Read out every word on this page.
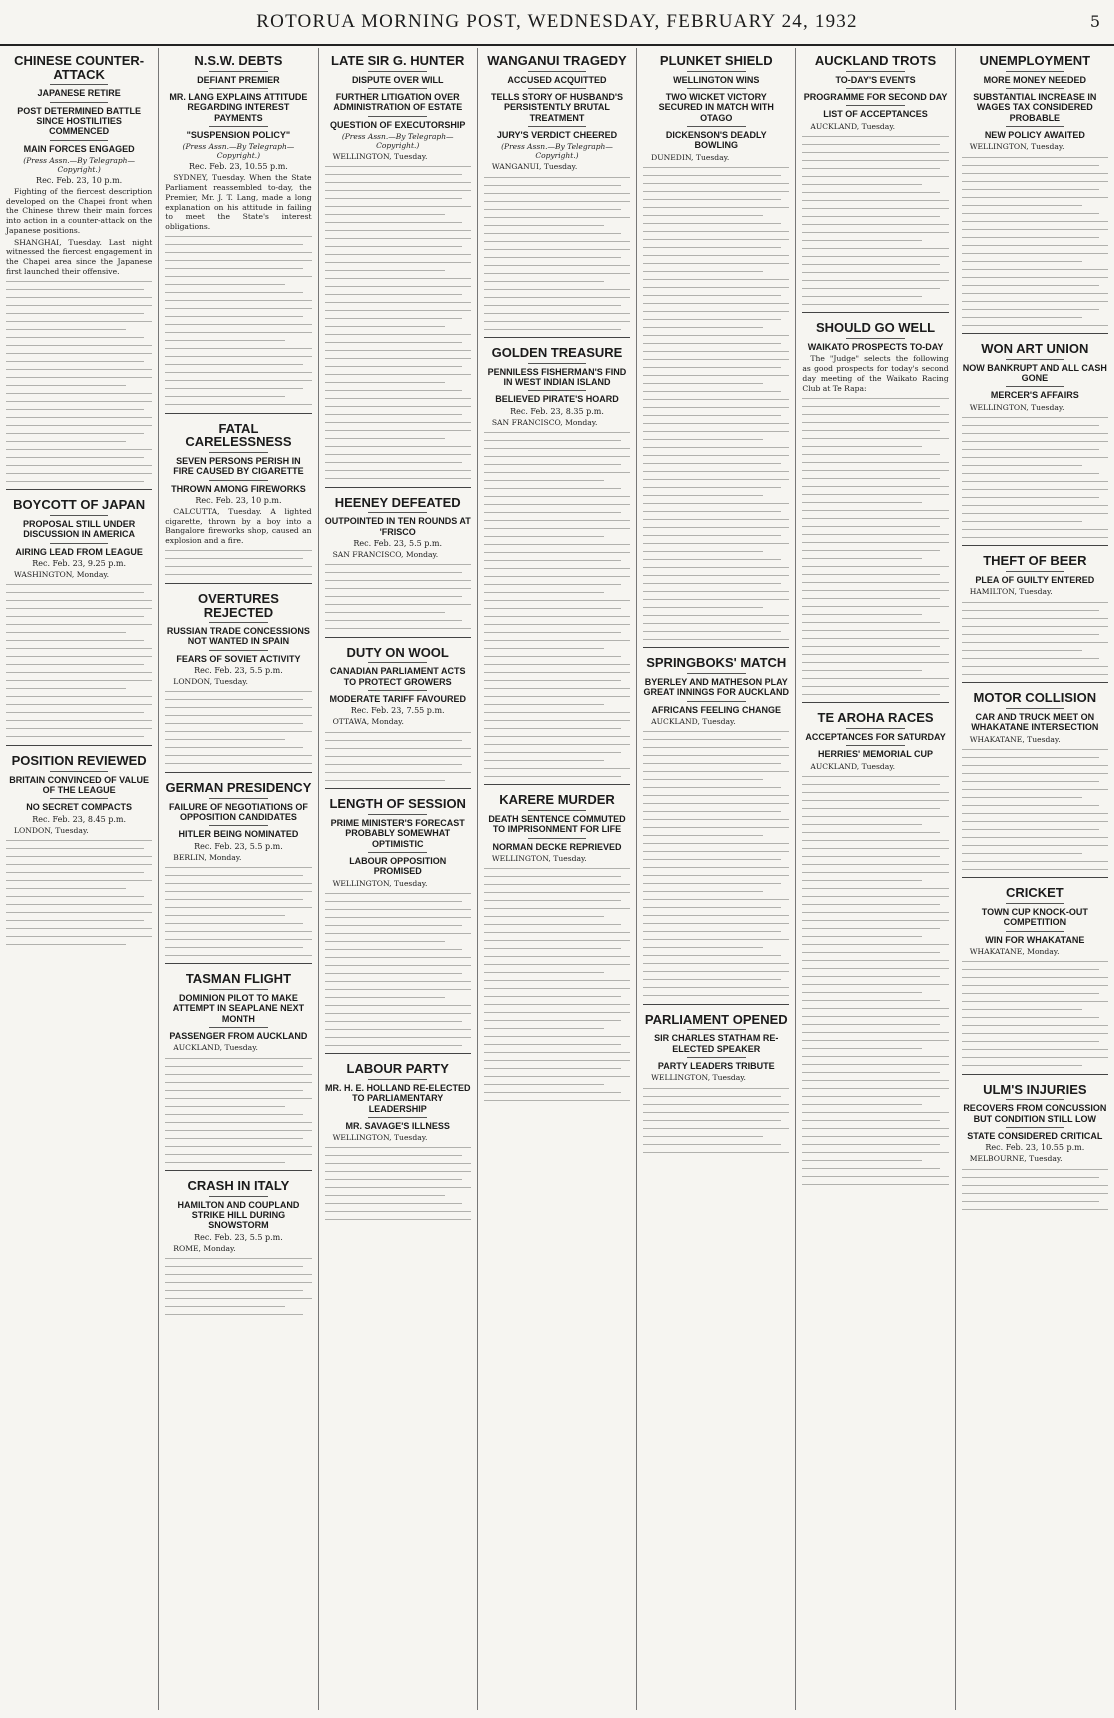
ROTORUA MORNING POST, WEDNESDAY, FEBRUARY 24, 1932	5
CHINESE COUNTER-ATTACK
JAPANESE RETIRE
POST DETERMINED BATTLE SINCE HOSTILITIES COMMENCED
MAIN FORCES ENGAGED
(Press Assn.—By Telegraph—Copyright.)
Rec. Feb. 23, 10 p.m.
Fighting of the fiercest description developed on the Chapei front when the Chinese threw their main forces into action in a counter-attack on the Japanese positions.
SHANGHAI, Tuesday. Last night witnessed the fiercest engagement in the Chapei area since the Japanese first launched their offensive.
BOYCOTT OF JAPAN
PROPOSAL STILL UNDER DISCUSSION IN AMERICA
AIRING LEAD FROM LEAGUE
Rec. Feb. 23, 9.25 p.m.
WASHINGTON, Monday.
POSITION REVIEWED
BRITAIN CONVINCED OF VALUE OF THE LEAGUE
NO SECRET COMPACTS
Rec. Feb. 23, 8.45 p.m.
LONDON, Tuesday.
N.S.W. DEBTS
DEFIANT PREMIER
MR. LANG EXPLAINS ATTITUDE REGARDING INTEREST PAYMENTS
"SUSPENSION POLICY"
(Press Assn.—By Telegraph—Copyright.)
Rec. Feb. 23, 10.55 p.m.
SYDNEY, Tuesday. When the State Parliament reassembled to-day, the Premier, Mr. J. T. Lang, made a long explanation on his attitude in failing to meet the State's interest obligations.
FATAL CARELESSNESS
SEVEN PERSONS PERISH IN FIRE CAUSED BY CIGARETTE
THROWN AMONG FIREWORKS
Rec. Feb. 23, 10 p.m.
CALCUTTA, Tuesday. A lighted cigarette, thrown by a boy into a Bangalore fireworks shop, caused an explosion and a fire.
OVERTURES REJECTED
RUSSIAN TRADE CONCESSIONS NOT WANTED IN SPAIN
FEARS OF SOVIET ACTIVITY
Rec. Feb. 23, 5.5 p.m.
LONDON, Tuesday.
GERMAN PRESIDENCY
FAILURE OF NEGOTIATIONS OF OPPOSITION CANDIDATES
HITLER BEING NOMINATED
Rec. Feb. 23, 5.5 p.m.
BERLIN, Monday.
TASMAN FLIGHT
DOMINION PILOT TO MAKE ATTEMPT IN SEAPLANE NEXT MONTH
PASSENGER FROM AUCKLAND
AUCKLAND, Tuesday.
CRASH IN ITALY
HAMILTON AND COUPLAND STRIKE HILL DURING SNOWSTORM
Rec. Feb. 23, 5.5 p.m.
ROME, Monday.
LATE SIR G. HUNTER
DISPUTE OVER WILL
FURTHER LITIGATION OVER ADMINISTRATION OF ESTATE
QUESTION OF EXECUTORSHIP
(Press Assn.—By Telegraph—Copyright.)
WELLINGTON, Tuesday.
HEENEY DEFEATED
OUTPOINTED IN TEN ROUNDS AT 'FRISCO
Rec. Feb. 23, 5.5 p.m.
SAN FRANCISCO, Monday.
DUTY ON WOOL
CANADIAN PARLIAMENT ACTS TO PROTECT GROWERS
MODERATE TARIFF FAVOURED
Rec. Feb. 23, 7.55 p.m.
OTTAWA, Monday.
LENGTH OF SESSION
PRIME MINISTER'S FORECAST PROBABLY SOMEWHAT OPTIMISTIC
LABOUR OPPOSITION PROMISED
WELLINGTON, Tuesday.
LABOUR PARTY
MR. H. E. HOLLAND RE-ELECTED TO PARLIAMENTARY LEADERSHIP
MR. SAVAGE'S ILLNESS
WELLINGTON, Tuesday.
WANGANUI TRAGEDY
ACCUSED ACQUITTED
TELLS STORY OF HUSBAND'S PERSISTENTLY BRUTAL TREATMENT
JURY'S VERDICT CHEERED
(Press Assn.—By Telegraph—Copyright.)
WANGANUI, Tuesday.
GOLDEN TREASURE
PENNILESS FISHERMAN'S FIND IN WEST INDIAN ISLAND
BELIEVED PIRATE'S HOARD
Rec. Feb. 23, 8.35 p.m.
SAN FRANCISCO, Monday.
KARERE MURDER
DEATH SENTENCE COMMUTED TO IMPRISONMENT FOR LIFE
NORMAN DECKE REPRIEVED
WELLINGTON, Tuesday.
PLUNKET SHIELD
WELLINGTON WINS
TWO WICKET VICTORY SECURED IN MATCH WITH OTAGO
DICKENSON'S DEADLY BOWLING
DUNEDIN, Tuesday.
SPRINGBOKS' MATCH
BYERLEY AND MATHESON PLAY GREAT INNINGS FOR AUCKLAND
AFRICANS FEELING CHANGE
AUCKLAND, Tuesday.
PARLIAMENT OPENED
SIR CHARLES STATHAM RE-ELECTED SPEAKER
PARTY LEADERS TRIBUTE
WELLINGTON, Tuesday.
AUCKLAND TROTS
TO-DAY'S EVENTS
PROGRAMME FOR SECOND DAY
LIST OF ACCEPTANCES
AUCKLAND, Tuesday.
SHOULD GO WELL
WAIKATO PROSPECTS TO-DAY
The "Judge" selects the following as good prospects for today's second day meeting of the Waikato Racing Club at Te Rapa:
TE AROHA RACES
ACCEPTANCES FOR SATURDAY
HERRIES' MEMORIAL CUP
AUCKLAND, Tuesday.
UNEMPLOYMENT
MORE MONEY NEEDED
SUBSTANTIAL INCREASE IN WAGES TAX CONSIDERED PROBABLE
NEW POLICY AWAITED
WELLINGTON, Tuesday.
WON ART UNION
NOW BANKRUPT AND ALL CASH GONE
MERCER'S AFFAIRS
WELLINGTON, Tuesday.
THEFT OF BEER
PLEA OF GUILTY ENTERED
HAMILTON, Tuesday.
MOTOR COLLISION
CAR AND TRUCK MEET ON WHAKATANE INTERSECTION
WHAKATANE, Tuesday.
CRICKET
TOWN CUP KNOCK-OUT COMPETITION
WIN FOR WHAKATANE
WHAKATANE, Monday.
ULM'S INJURIES
RECOVERS FROM CONCUSSION BUT CONDITION STILL LOW
STATE CONSIDERED CRITICAL
Rec. Feb. 23, 10.55 p.m.
MELBOURNE, Tuesday.
